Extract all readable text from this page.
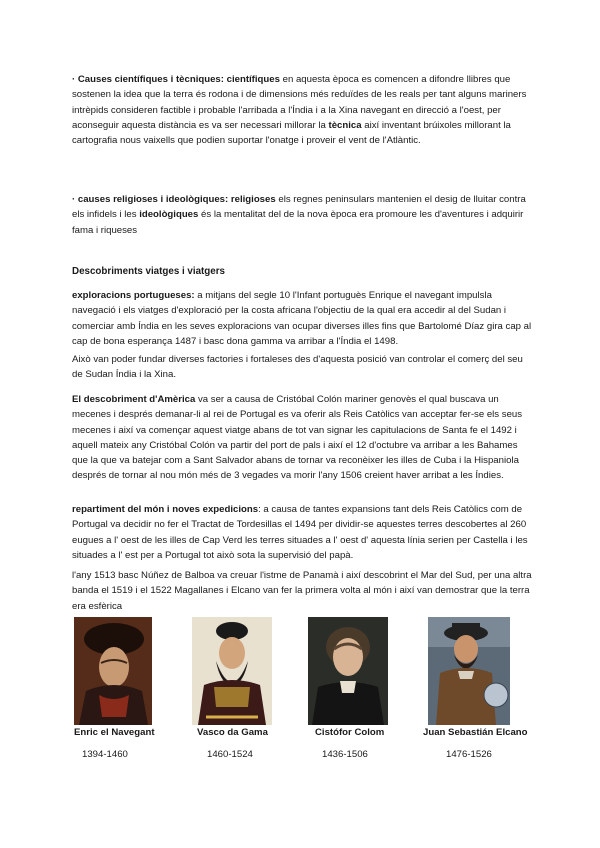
· Causes científiques i tècniques: científiques en aquesta època es comencen a difondre llibres que sostenen la idea que la terra és rodona i de dimensions més reduïdes de les reals per tant alguns mariners intrèpids consideren factible i probable l'arribada a l'Índia i a la Xina navegant en direcció a l'oest, per aconseguir aquesta distància es va ser necessari millorar la tècnica així inventant brúixoles millorant la cartografia nous vaixells que podien suportar l'onatge i proveir el vent de l'Atlàntic.

· causes religioses i ideològiques: religioses els regnes peninsulars mantenien el desig de lluitar contra els infidels i les ideològiques és la mentalitat del de la nova època era promoure les d'aventures i adquirir fama i riqueses

Descobriments viatges i viatgers

exploracions portugueses: a mitjans del segle 10 l'Infant portuguès Enrique el navegant impulsla navegació i els viatges d'exploració per la costa africana l'objectiu de la qual era accedir al del Sudan i comerciar amb Índia en les seves exploracions van ocupar diverses illes fins que Bartolomé Díaz gira cap al cap de bona esperança 1487 i basc dona gamma va arribar a l'Índia el 1498.

Això van poder fundar diverses factories i fortaleses des d'aquesta posició van controlar el comerç del seu de Sudan Índia i la Xina.

El descobriment d'Amèrica va ser a causa de Cristóbal Colón mariner genovès el qual buscava un mecenes i després demanar-li al rei de Portugal es va oferir als Reis Catòlics van acceptar fer-se els seus mecenes i així va començar aquest viatge abans de tot van signar les capitulacions de Santa fe el 1492 i aquell mateix any Cristóbal Colón va partir del port de pals i així el 12 d'octubre va arribar a les Bahames que la que va batejar com a Sant Salvador abans de tornar va reconèixer les illes de Cuba i la Hispaniola després de tornar al nou món més de 3 vegades va morir l'any 1506 creient haver arribat a les Índies.

repartiment del món i noves expedicions: a causa de tantes expansions tant dels Reis Catòlics com de Portugal va decidir no fer el Tractat de Tordesillas el 1494 per dividir-se aquestes terres descobertes al 260 eugues a l' oest de les illes de Cap Verd les terres situades a l' oest d' aquesta línia serien per Castella i les situades a l' est per a Portugal tot això sota la supervisió del papà.

l'any 1513 basc Núñez de Balboa va creuar l'istme de Panamà i així descobrint el Mar del Sud, per una altra banda el 1519 i el 1522 Magallanes i Elcano van fer la primera volta al món i així van demostrar que la terra era esfèrica

Enric el Navegant
1394-1460
Vasco da Gama
1460-1524
Cistófor Colom
1436-1506
Juan Sebastián Elcano
1476-1526
